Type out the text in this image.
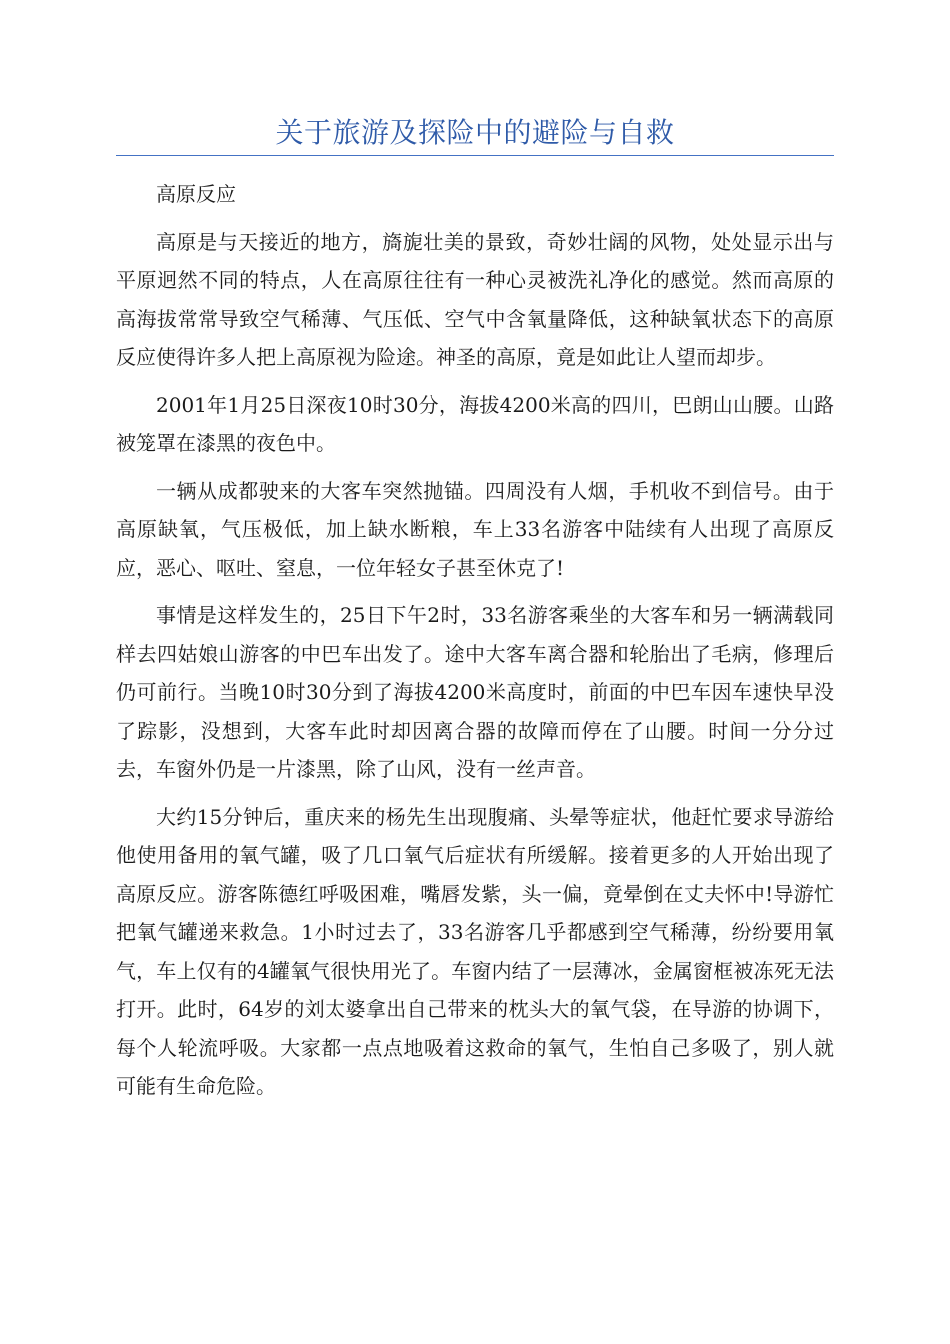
关于旅游及探险中的避险与自救

高原反应

高原是与天接近的地方，旖旎壮美的景致，奇妙壮阔的风物，处处显示出与平原迥然不同的特点，人在高原往往有一种心灵被洗礼净化的感觉。然而高原的高海拔常常导致空气稀薄、气压低、空气中含氧量降低，这种缺氧状态下的高原反应使得许多人把上高原视为险途。神圣的高原，竟是如此让人望而却步。

2001年1月25日深夜10时30分，海拔4200米高的四川，巴朗山山腰。山路被笼罩在漆黑的夜色中。

一辆从成都驶来的大客车突然抛锚。四周没有人烟，手机收不到信号。由于高原缺氧，气压极低，加上缺水断粮，车上33名游客中陆续有人出现了高原反应，恶心、呕吐、窒息，一位年轻女子甚至休克了!

事情是这样发生的，25日下午2时，33名游客乘坐的大客车和另一辆满载同样去四姑娘山游客的中巴车出发了。途中大客车离合器和轮胎出了毛病，修理后仍可前行。当晚10时30分到了海拔4200米高度时，前面的中巴车因车速快早没了踪影，没想到，大客车此时却因离合器的故障而停在了山腰。时间一分分过去，车窗外仍是一片漆黑，除了山风，没有一丝声音。

大约15分钟后，重庆来的杨先生出现腹痛、头晕等症状，他赶忙要求导游给他使用备用的氧气罐，吸了几口氧气后症状有所缓解。接着更多的人开始出现了高原反应。游客陈德红呼吸困难，嘴唇发紫，头一偏，竟晕倒在丈夫怀中!导游忙把氧气罐递来救急。1小时过去了，33名游客几乎都感到空气稀薄，纷纷要用氧气，车上仅有的4罐氧气很快用光了。车窗内结了一层薄冰，金属窗框被冻死无法打开。此时，64岁的刘太婆拿出自己带来的枕头大的氧气袋，在导游的协调下，每个人轮流呼吸。大家都一点点地吸着这救命的氧气，生怕自己多吸了，别人就可能有生命危险。
